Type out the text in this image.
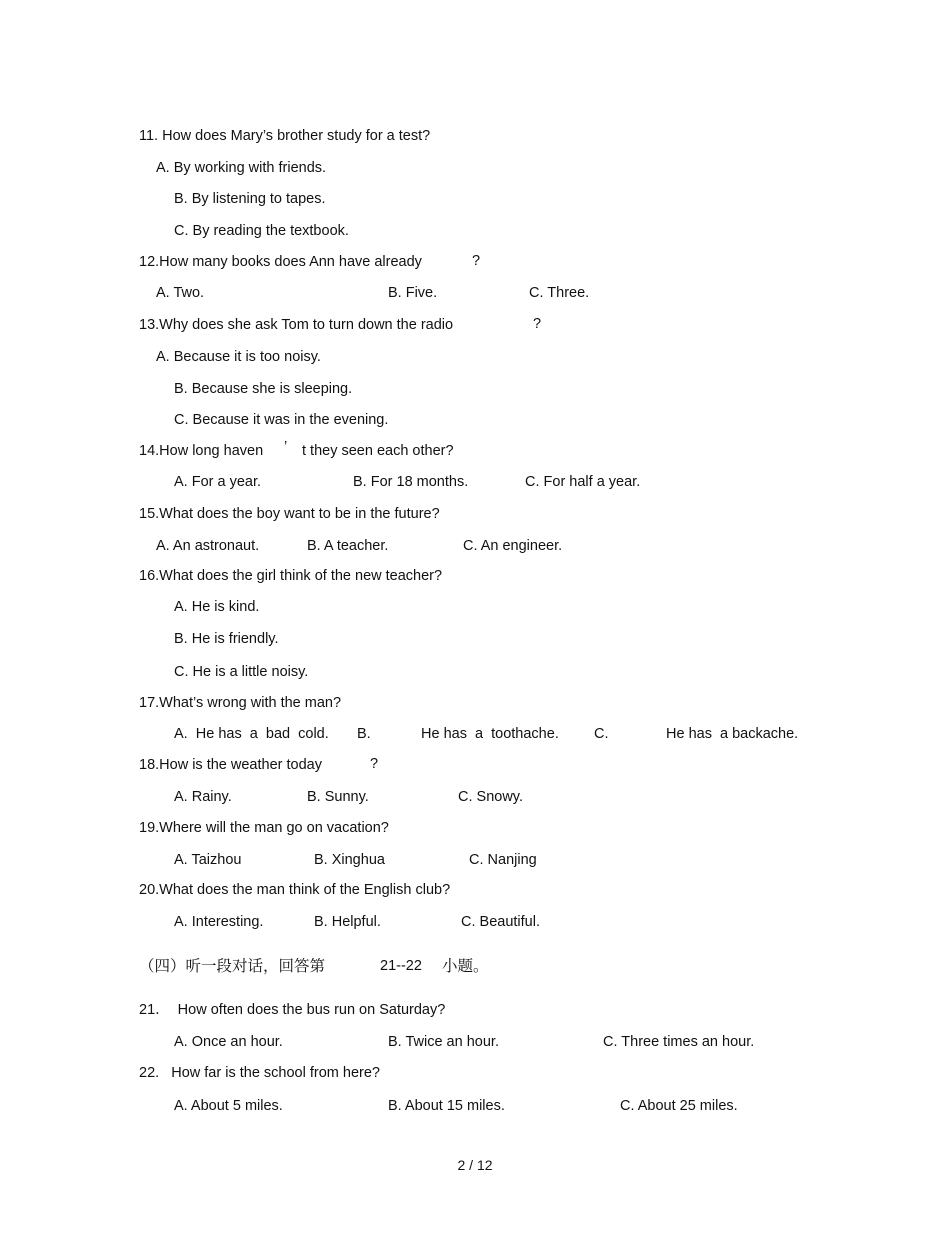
11. How does Mary’s brother study for a test?
A. By working with friends.
B. By listening to tapes.
C. By reading the textbook.
12.How many books does Ann have already	?
A. Two.	B. Five.	C. Three.
13.Why does she ask Tom to turn down the radio	?
A. Because it is too noisy.
B. Because she is sleeping.
C. Because it was in the evening.
14.How long haven ’ t they seen each other?
A. For a year.	B. For 18 months.	C. For half a year.
15.What does the boy want to be in the future?
A. An astronaut.	B. A teacher.	C. An engineer.
16.What does the girl think of the new teacher?
A. He is kind.
B. He is friendly.
C. He is a little noisy.
17.What’s wrong with the man?
A.  He has  a  bad  cold. B.	He has  a  toothache. C.	He has  a backache.
18.How is the weather today	?
A. Rainy.	B. Sunny.	C. Snowy.
19.Where will the man go on vacation?
A. Taizhou	B. Xinghua	C. Nanjing
20.What does the man think of the English club?
A. Interesting.	B. Helpful.	C. Beautiful.
（四）听一段对话，回答第	21--22 小题。
21．  How often does the bus run on Saturday?
A. Once an hour.	B. Twice an hour.	C. Three times an hour.
22.   How far is the school from here?
A. About 5 miles.	B. About 15 miles.	C. About 25 miles.
2 / 12
